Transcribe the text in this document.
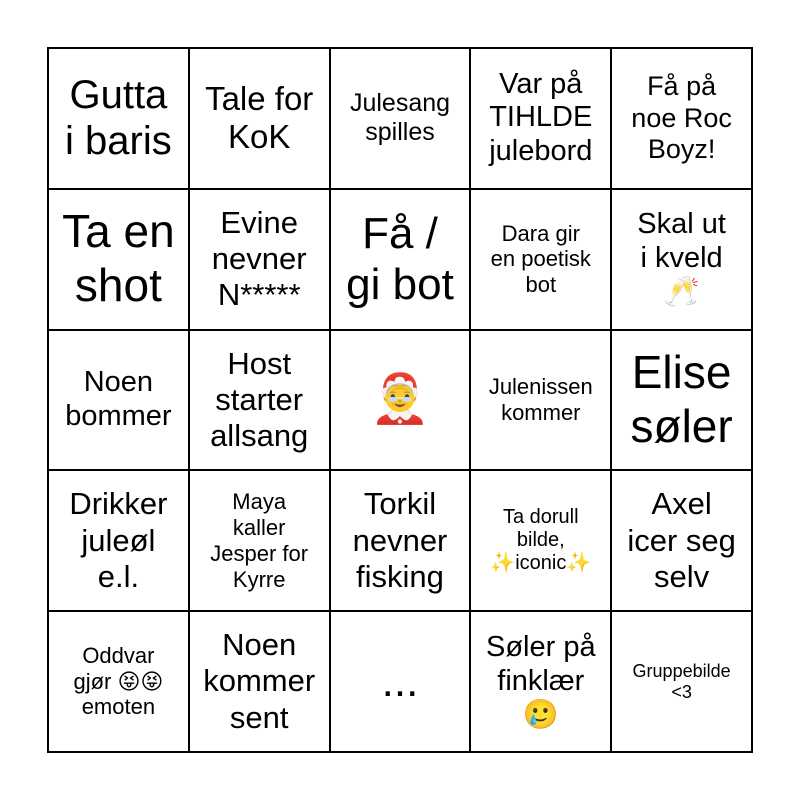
Gutta
i baris
Tale for
KoK
Julesang
spilles
Var på
TIHLDE
julebord
Få på
noe Roc
Boyz!
Ta en
shot
Evine
nevner
N*****
Få /
gi bot
Dara gir
en poetisk
bot
Skal ut
i kveld
🥂
Noen
bommer
Host
starter
allsang
🤶	Julenissen
kommer
Elise
søler
Drikker
juleøl
e.l.
Maya
kaller
Jesper for
Kyrre
Torkil
nevner
fisking
Ta dorull
bilde,
✨iconic✨
Axel
icer seg
selv
Oddvar
gjør 😝😝
emoten
Noen
kommer
sent
...
Søler på
finklær
🥲
Gruppebilde
<3
